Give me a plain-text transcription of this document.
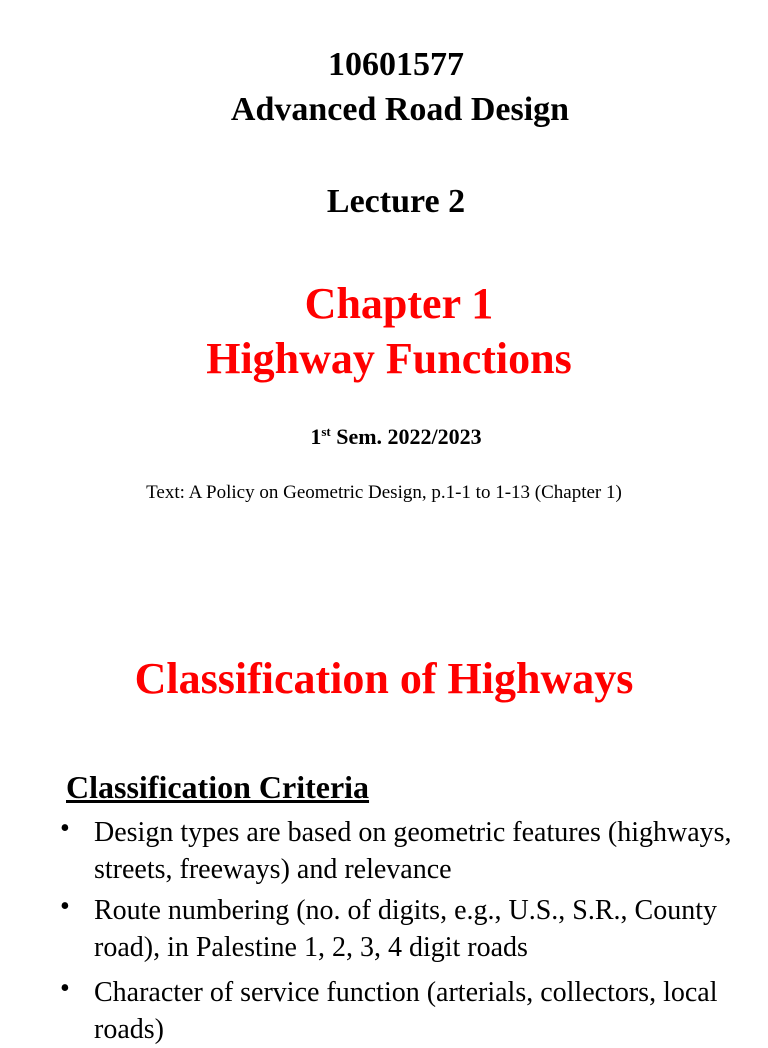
10601577
Advanced Road Design
Lecture 2
Chapter 1
Highway Functions
1st Sem. 2022/2023
Text: A Policy on Geometric Design, p.1-1 to 1-13 (Chapter 1)
Classification of Highways
Classification Criteria
• Design types are based on geometric features (highways, streets, freeways) and relevance
• Route numbering (no. of digits, e.g., U.S., S.R., County road), in Palestine 1, 2, 3, 4 digit roads
• Character of service function (arterials, collectors, local roads)
